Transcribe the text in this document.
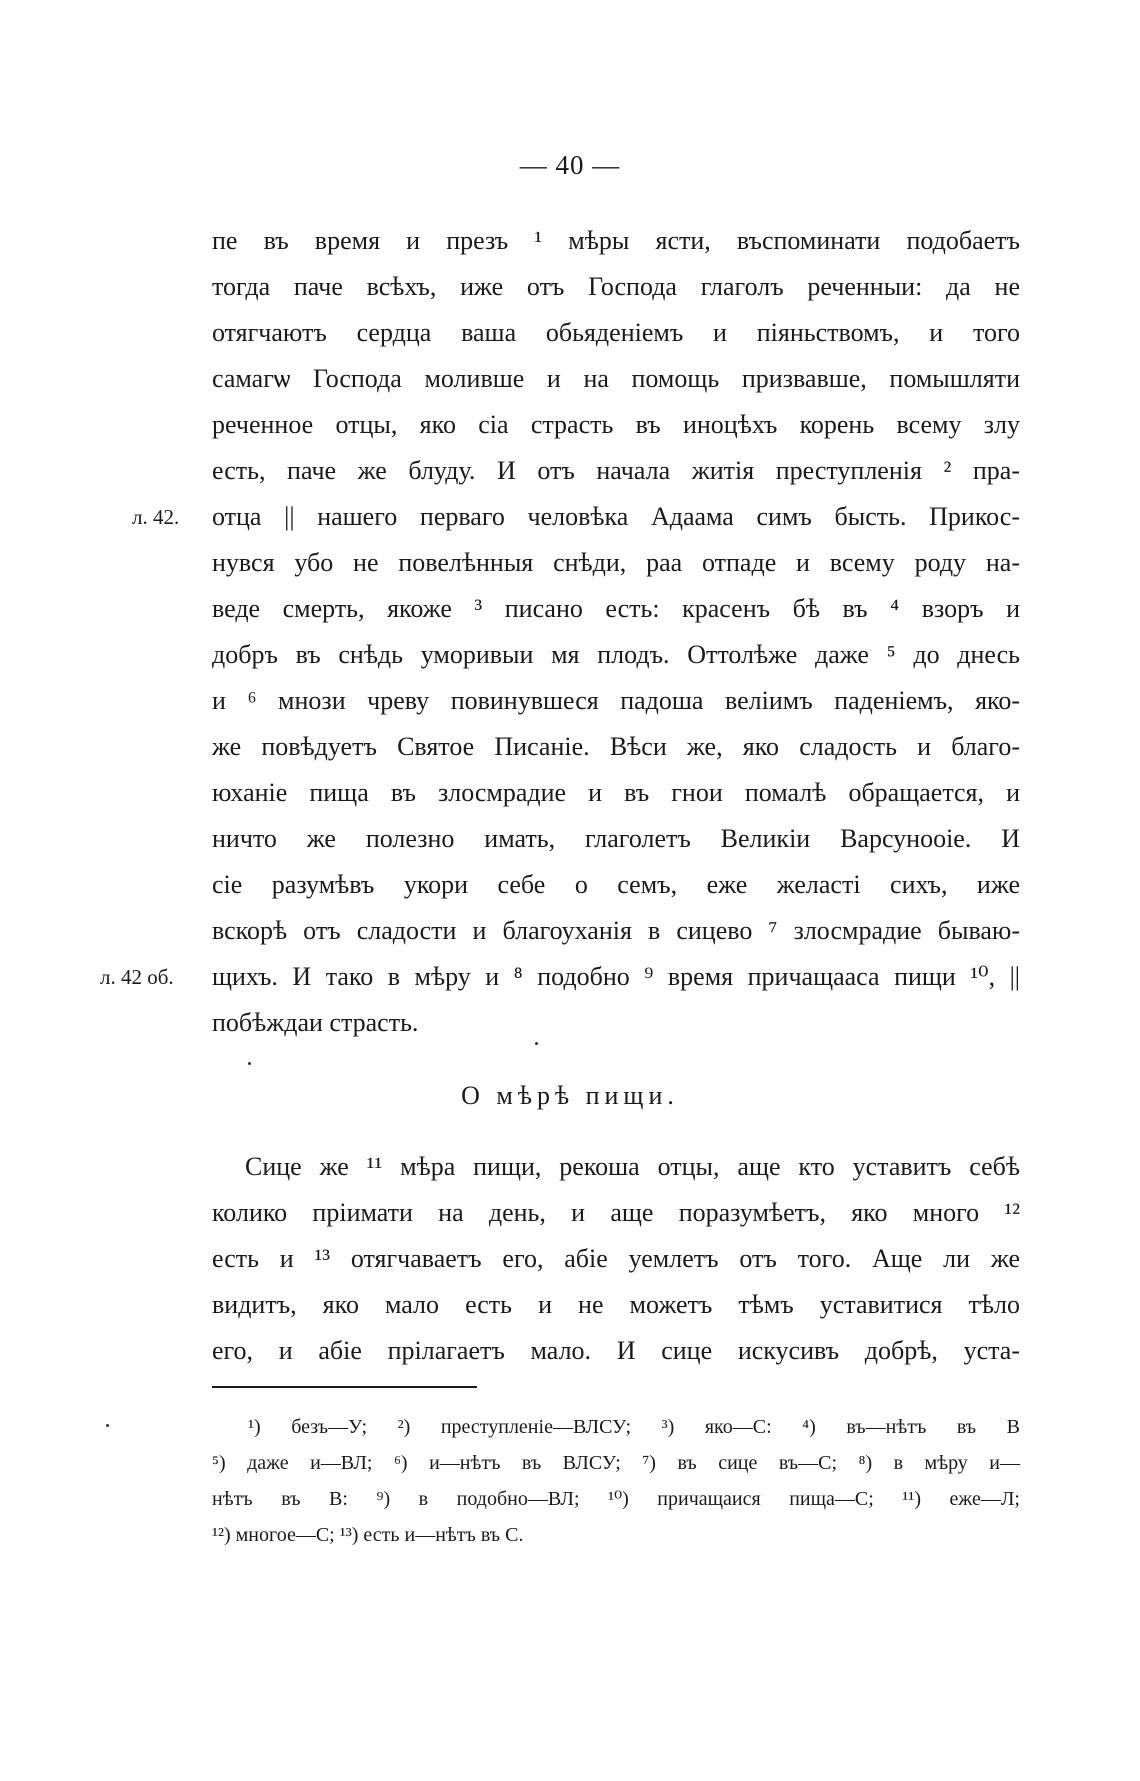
— 40 —
пе въ время и презъ ¹ мѣры ясти, въспоминати подобаетъ
тогда паче всѣхъ, иже отъ Господа глаголъ реченныи: да не
отягчаютъ сердца ваша обьяденіемъ и піяньствомъ, и того
самагѡ Господа молившe и на помощь призвавше, помышляти
реченное отцы, яко сіа страсть въ иноцѣхъ корень всему злу
есть, паче же блуду. И отъ начала житія преступленія ² пра-
отца || нашего перваго человѣка Адаама симъ бысть. Прикос-
нувся убо не повелѣнныя снѣди, раа отпаде и всему роду на-
веде смерть, якоже ³ писано есть: красенъ бѣ въ ⁴ взоръ и
добръ въ снѣдь уморивыи мя плодъ. Оттолѣже даже ⁵ до днесь
и ⁶ мнози чреву повинувшеся падоша веліимъ паденіемъ, яко-
же повѣдуетъ Святое Писаніе. Вѣси же, яко сладость и благо-
юханіе пища въ злосмрадие и въ гнои помалѣ обращается, и
ничто же полезно имать, глаголетъ Великіи Варсунооіе. И
сіе разумѣвъ укори себе о семъ, еже желастi сихъ, иже
вскорѣ отъ сладости и благоуханія в сицево ⁷ злосмрадие бываю-
щихъ. И тако в мѣру и ⁸ подобно ⁹ время причащааса пищи ¹⁰, ||
побѣждаи страсть.
л. 42.
л. 42 об.
О мѣрѣ пищи.
Сице же ¹¹ мѣра пищи, рекоша отцы, аще кто уставитъ себѣ
колико пріимати на день, и аще поразумѣетъ, яко много ¹²
есть и ¹³ отягчаваетъ его, абіе уемлетъ отъ того. Аще ли же
видитъ, яко мало есть и не можетъ тѣмъ уставитися тѣло
его, и абіе прілагаетъ мало. И сице искусивъ добрѣ, уста-
¹) безъ—У; ²) преступленіе—ВЛСУ; ³) яко—С: ⁴) въ—нѣтъ въ В
⁵) даже и—ВЛ; ⁶) и—нѣтъ въ ВЛСУ; ⁷) въ сице въ—С; ⁸) в мѣру и—
нѣтъ въ В: ⁹) в подобно—ВЛ; ¹⁰) причащаися пища—С; ¹¹) еже—Л;
¹²) многое—С; ¹³) есть и—нѣтъ въ С.
